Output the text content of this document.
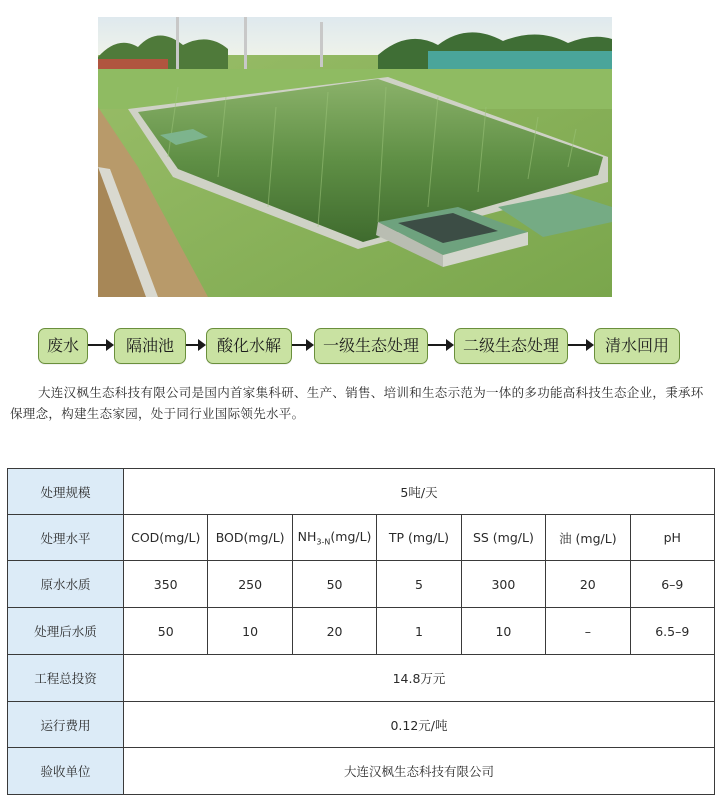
废水	隔油池	酸化水解	一级生态处理	二级生态处理	清水回用

大连汉枫生态科技有限公司是国内首家集科研、生产、销售、培训和生态示范为一体的多功能高科技生态企业，秉承环保理念，构建生态家园，处于同行业国际领先水平。

处理规模	5吨/天						
处理水平	COD(mg/L)	BOD(mg/L)	$NH_{3-N}(mg/L)$	TP (mg/L)	SS (mg/L)	油 (mg/L)	pH
原水水质	350	250	50	5	300	20	6–9
处理后水质	50	10	20	1	10	–	6.5–9
工程总投资	14.8万元						
运行费用	0.12元/吨						
验收单位	大连汉枫生态科技有限公司						
